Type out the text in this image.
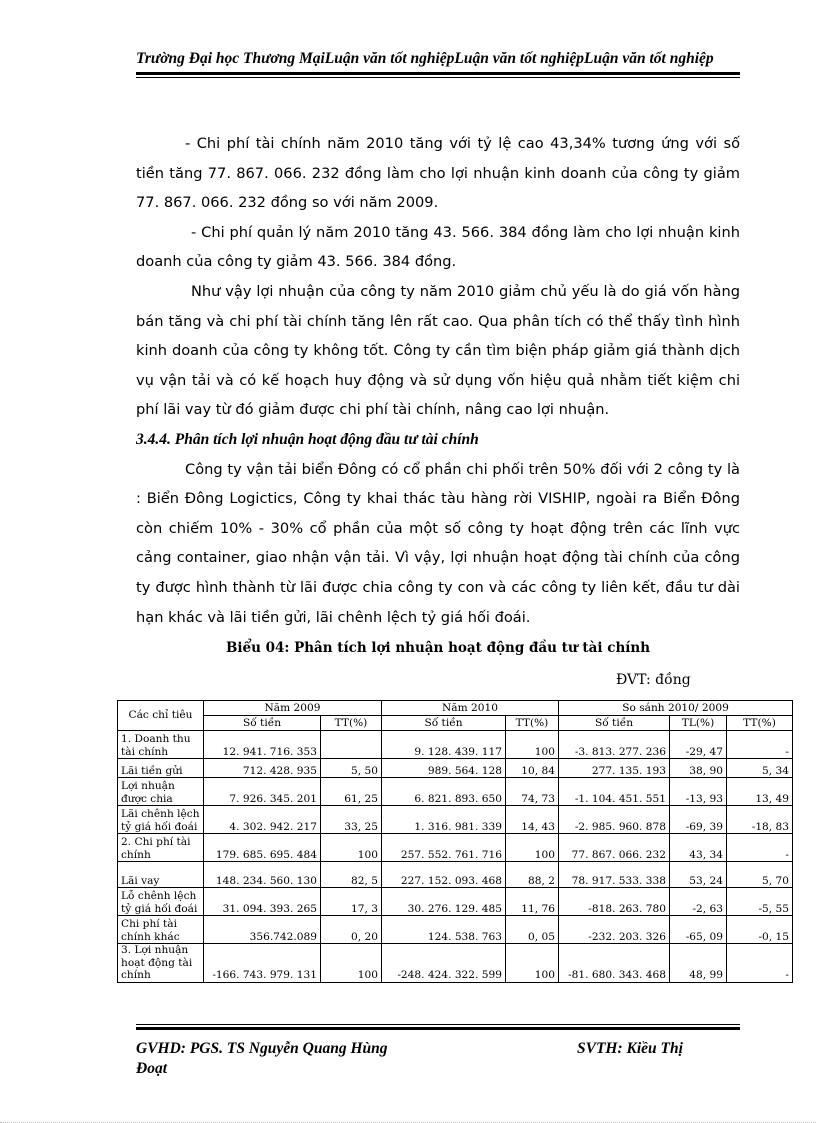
Trường Đại học Thương MạiLuận văn tốt nghiệpLuận văn tốt nghiệpLuận văn tốt nghiệp

- Chi phí tài chính năm 2010 tăng với tỷ lệ cao 43,34% tương ứng với số tiền tăng 77. 867. 066. 232 đồng làm cho lợi nhuận kinh doanh của công ty giảm 77. 867. 066. 232 đồng so với năm 2009.

- Chi phí quản lý năm 2010 tăng 43. 566. 384 đồng làm cho lợi nhuận kinh doanh của công ty giảm 43. 566. 384 đồng.

Như vậy lợi nhuận của công ty năm 2010 giảm chủ yếu là do giá vốn hàng bán tăng và chi phí tài chính tăng lên rất cao. Qua phân tích có thể thấy tình hình kinh doanh của công ty không tốt. Công ty cần tìm biện pháp giảm giá thành dịch vụ vận tải và có kế hoạch huy động và sử dụng vốn hiệu quả nhằm tiết kiệm chi phí lãi vay từ đó giảm được chi phí tài chính, nâng cao lợi nhuận.

3.4.4. Phân tích lợi nhuận hoạt động đầu tư tài chính

Công ty vận tải biển Đông có cổ phần chi phối trên 50% đối với 2 công ty là : Biển Đông Logictics, Công ty khai thác tàu hàng rời VISHIP, ngoài ra Biển Đông còn chiếm 10% - 30% cổ phần của một số công ty hoạt động trên các lĩnh vực cảng container, giao nhận vận tải. Vì vậy, lợi nhuận hoạt động tài chính của công ty được hình thành từ lãi được chia công ty con và các công ty liên kết, đầu tư dài hạn khác và lãi tiền gửi, lãi chênh lệch tỷ giá hối đoái.

Biểu 04: Phân tích lợi nhuận hoạt động đầu tư tài chính
ĐVT: đồng
Các chỉ tiêu	Năm 2009		Năm 2010		So sánh 2010/ 2009		
	Số tiền	TT(%)	Số tiền	TT(%)	Số tiền	TL(%)	TT(%)
1. Doanh thu tài chính	12. 941. 716. 353		9. 128. 439. 117	100	-3. 813. 277. 236	-29, 47	-
Lãi tiền gửi	712. 428. 935	5, 50	989. 564. 128	10, 84	277. 135. 193	38, 90	5, 34
Lợi nhuận được chia	7. 926. 345. 201	61, 25	6. 821. 893. 650	74, 73	-1. 104. 451. 551	-13, 93	13, 49
Lãi chênh lệch tỷ giá hối đoái	4. 302. 942. 217	33, 25	1. 316. 981. 339	14, 43	-2. 985. 960. 878	-69, 39	-18, 83
2. Chi phí tài chính	179. 685. 695. 484	100	257. 552. 761. 716	100	77. 867. 066. 232	43, 34	-
Lãi vay	148. 234. 560. 130	82, 5	227. 152. 093. 468	88, 2	78. 917. 533. 338	53, 24	5, 70
Lỗ chênh lệch tỷ giá hối đoái	31. 094. 393. 265	17, 3	30. 276. 129. 485	11, 76	-818. 263. 780	-2, 63	-5, 55
Chi phí tài chính khác	356.742.089	0, 20	124. 538. 763	0, 05	-232. 203. 326	-65, 09	-0, 15
3. Lợi nhuận hoạt động tài chính	-166. 743. 979. 131	100	-248. 424. 322. 599	100	-81. 680. 343. 468	48, 99	-
GVHD: PGS. TS Nguyễn Quang Hùng	SVTH: Kiều Thị
Đoạt
